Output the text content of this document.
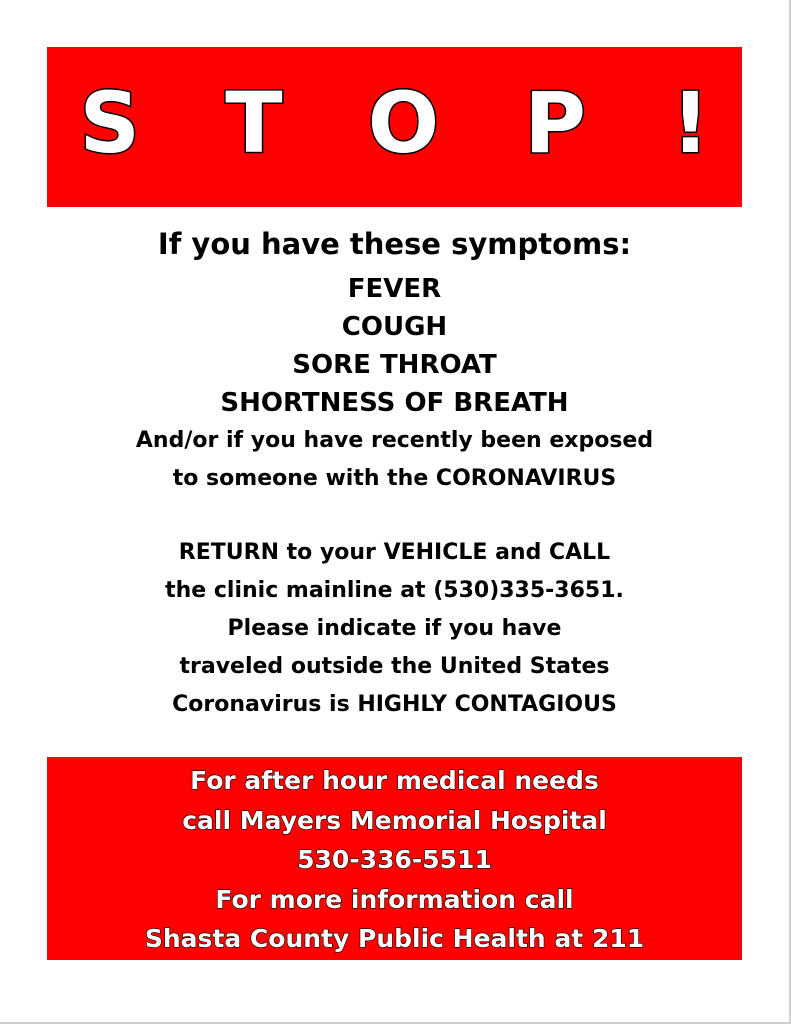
S T O P !
If you have these symptoms:
FEVER
COUGH
SORE THROAT
SHORTNESS OF BREATH
And/or if you have recently been exposed
to someone with the CORONAVIRUS
RETURN to your VEHICLE and CALL
the clinic mainline at (530)335-3651.
Please indicate if you have
traveled outside the United States
Coronavirus is HIGHLY CONTAGIOUS
For after hour medical needs
call Mayers Memorial Hospital
530-336-5511
For more information call
Shasta County Public Health at 211
